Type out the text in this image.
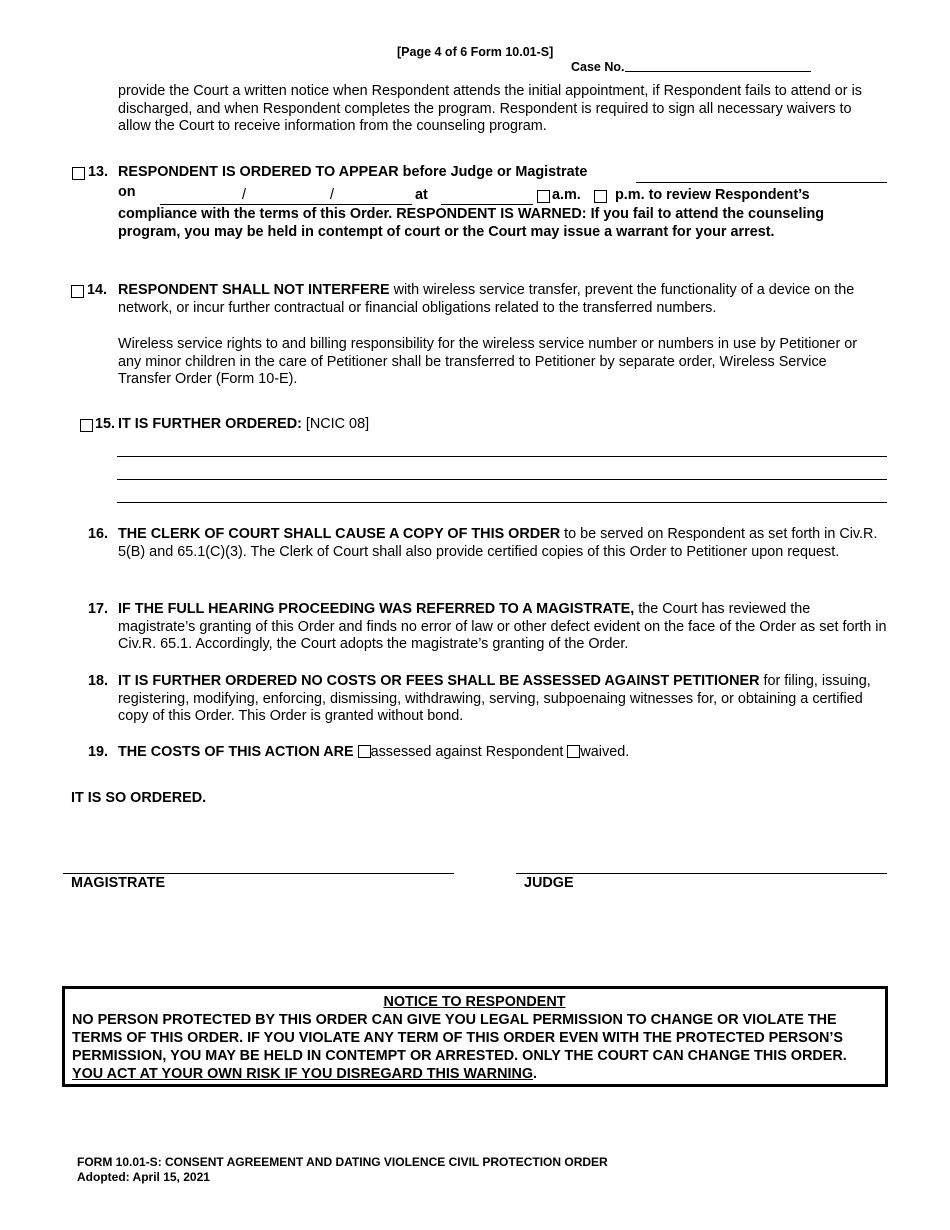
[Page 4 of 6 Form 10.01-S]
Case No.

provide the Court a written notice when Respondent attends the initial appointment, if Respondent fails to attend or is discharged, and when Respondent completes the program. Respondent is required to sign all necessary waivers to allow the Court to receive information from the counseling program.

13. RESPONDENT IS ORDERED TO APPEAR before Judge or Magistrate
on	/	/	at	a.m. p.m. to review Respondent’s

compliance with the terms of this Order. RESPONDENT IS WARNED: If you fail to attend the counseling program, you may be held in contempt of court or the Court may issue a warrant for your arrest.

14. RESPONDENT SHALL NOT INTERFERE with wireless service transfer, prevent the functionality of a device on the network, or incur further contractual or financial obligations related to the transferred numbers.

Wireless service rights to and billing responsibility for the wireless service number or numbers in use by Petitioner or any minor children in the care of Petitioner shall be transferred to Petitioner by separate order, Wireless Service Transfer Order (Form 10-E).

15. IT IS FURTHER ORDERED: [NCIC 08]

16. THE CLERK OF COURT SHALL CAUSE A COPY OF THIS ORDER to be served on Respondent as set forth in Civ.R. 5(B) and 65.1(C)(3). The Clerk of Court shall also provide certified copies of this Order to Petitioner upon request.

17. IF THE FULL HEARING PROCEEDING WAS REFERRED TO A MAGISTRATE, the Court has reviewed the magistrate’s granting of this Order and finds no error of law or other defect evident on the face of the Order as set forth in Civ.R. 65.1. Accordingly, the Court adopts the magistrate’s granting of the Order.

18. IT IS FURTHER ORDERED NO COSTS OR FEES SHALL BE ASSESSED AGAINST PETITIONER for filing, issuing, registering, modifying, enforcing, dismissing, withdrawing, serving, subpoenaing witnesses for, or obtaining a certified copy of this Order. This Order is granted without bond.

19. THE COSTS OF THIS ACTION ARE assessed against Respondent waived.
IT IS SO ORDERED.
MAGISTRATE	JUDGE
NOTICE TO RESPONDENT

NO PERSON PROTECTED BY THIS ORDER CAN GIVE YOU LEGAL PERMISSION TO CHANGE OR VIOLATE THE TERMS OF THIS ORDER. IF YOU VIOLATE ANY TERM OF THIS ORDER EVEN WITH THE PROTECTED PERSON’S PERMISSION, YOU MAY BE HELD IN CONTEMPT OR ARRESTED. ONLY THE COURT CAN CHANGE THIS ORDER. YOU ACT AT YOUR OWN RISK IF YOU DISREGARD THIS WARNING.

FORM 10.01-S: CONSENT AGREEMENT AND DATING VIOLENCE CIVIL PROTECTION ORDER
Adopted: April 15, 2021
